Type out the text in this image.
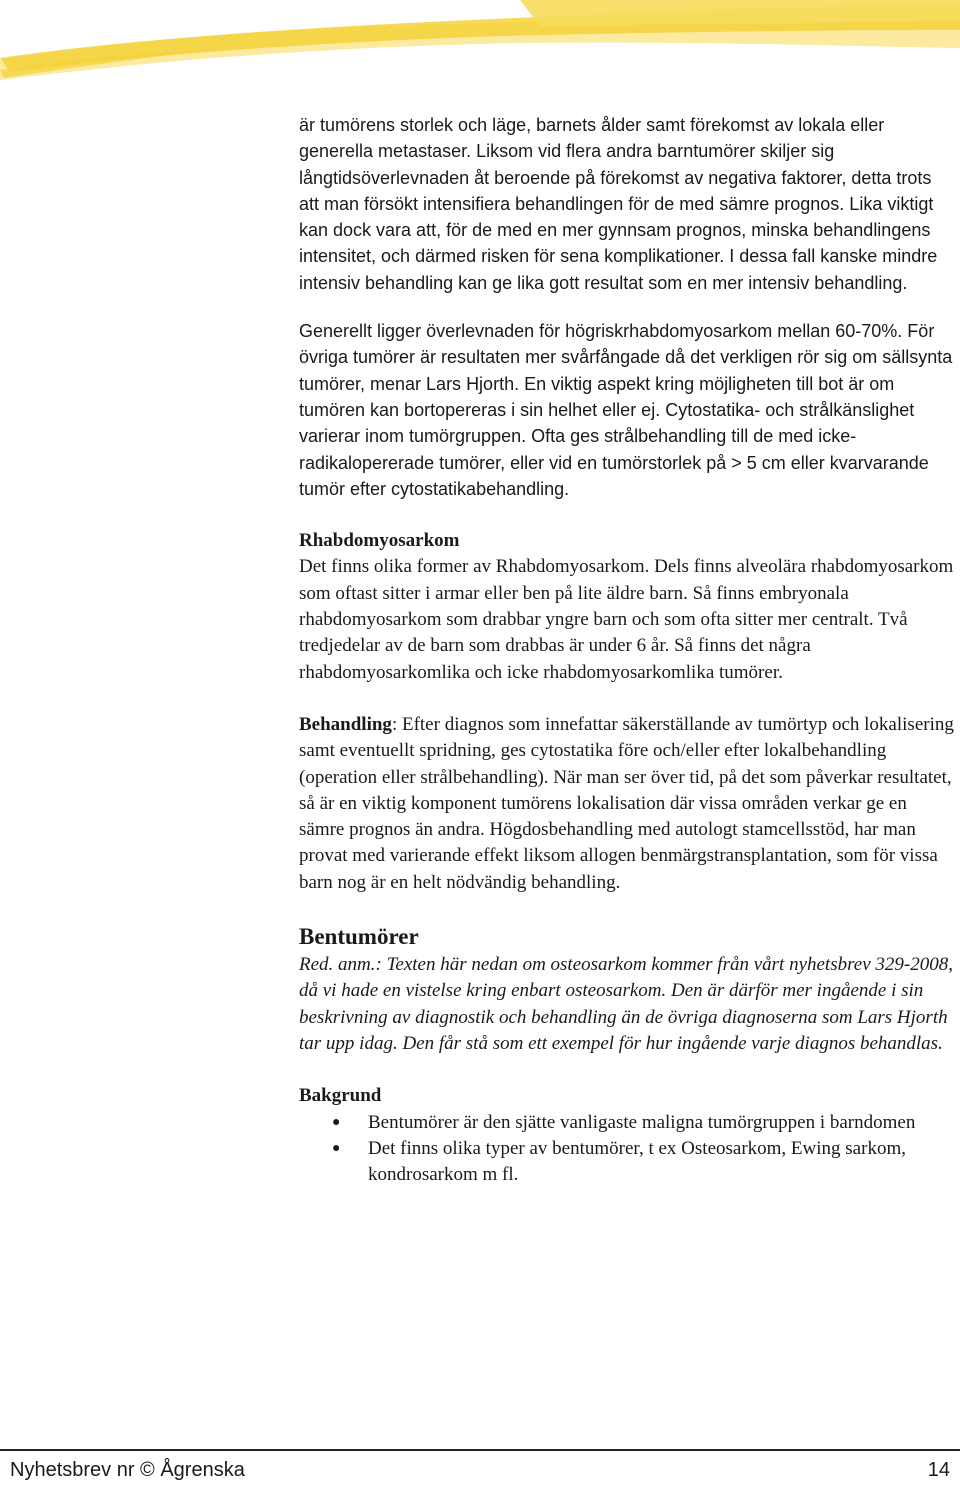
är tumörens storlek och läge, barnets ålder samt förekomst av lokala eller generella metastaser. Liksom vid flera andra barntumörer skiljer sig långtidsöverlevnaden åt beroende på förekomst av negativa faktorer, detta trots att man försökt intensifiera behandlingen för de med sämre prognos. Lika viktigt kan dock vara att, för de med en mer gynnsam prognos, minska behandlingens intensitet, och därmed risken för sena komplikationer. I dessa fall kanske mindre intensiv behandling kan ge lika gott resultat som en mer intensiv behandling.

Generellt ligger överlevnaden för högriskrhabdomyosarkom mellan 60-70%. För övriga tumörer är resultaten mer svårfångade då det verkligen rör sig om sällsynta tumörer, menar Lars Hjorth. En viktig aspekt kring möjligheten till bot är om tumören kan bortopereras i sin helhet eller ej. Cytostatika- och strålkänslighet varierar inom tumörgruppen. Ofta ges strålbehandling till de med icke-radikalopererade tumörer, eller vid en tumörstorlek på > 5 cm eller kvarvarande tumör efter cytostatikabehandling.

Rhabdomyosarkom

Det finns olika former av Rhabdomyosarkom. Dels finns alveolära rhabdomyosarkom som oftast sitter i armar eller ben på lite äldre barn. Så finns embryonala rhabdomyosarkom som drabbar yngre barn och som ofta sitter mer centralt. Två tredjedelar av de barn som drabbas är under 6 år. Så finns det några rhabdomyosarkomlika och icke rhabdomyosarkomlika tumörer.

Behandling: Efter diagnos som innefattar säkerställande av tumörtyp och lokalisering samt eventuellt spridning, ges cytostatika före och/eller efter lokalbehandling (operation eller strålbehandling). När man ser över tid, på det som påverkar resultatet, så är en viktig komponent tumörens lokalisation där vissa områden verkar ge en sämre prognos än andra. Högdosbehandling med autologt stamcellsstöd, har man provat med varierande effekt liksom allogen benmärgstransplantation, som för vissa barn nog är en helt nödvändig behandling.

Bentumörer

Red. anm.: Texten här nedan om osteosarkom kommer från vårt nyhetsbrev 329-2008, då vi hade en vistelse kring enbart osteosarkom. Den är därför mer ingående i sin beskrivning av diagnostik och behandling än de övriga diagnoserna som Lars Hjorth tar upp idag. Den får stå som ett exempel för hur ingående varje diagnos behandlas.

Bakgrund

● Bentumörer är den sjätte vanligaste maligna tumörgruppen i barndomen
● Det finns olika typer av bentumörer, t ex Osteosarkom, Ewing sarkom, kondrosarkom m fl.
Nyhetsbrev nr © Ågrenska	14
